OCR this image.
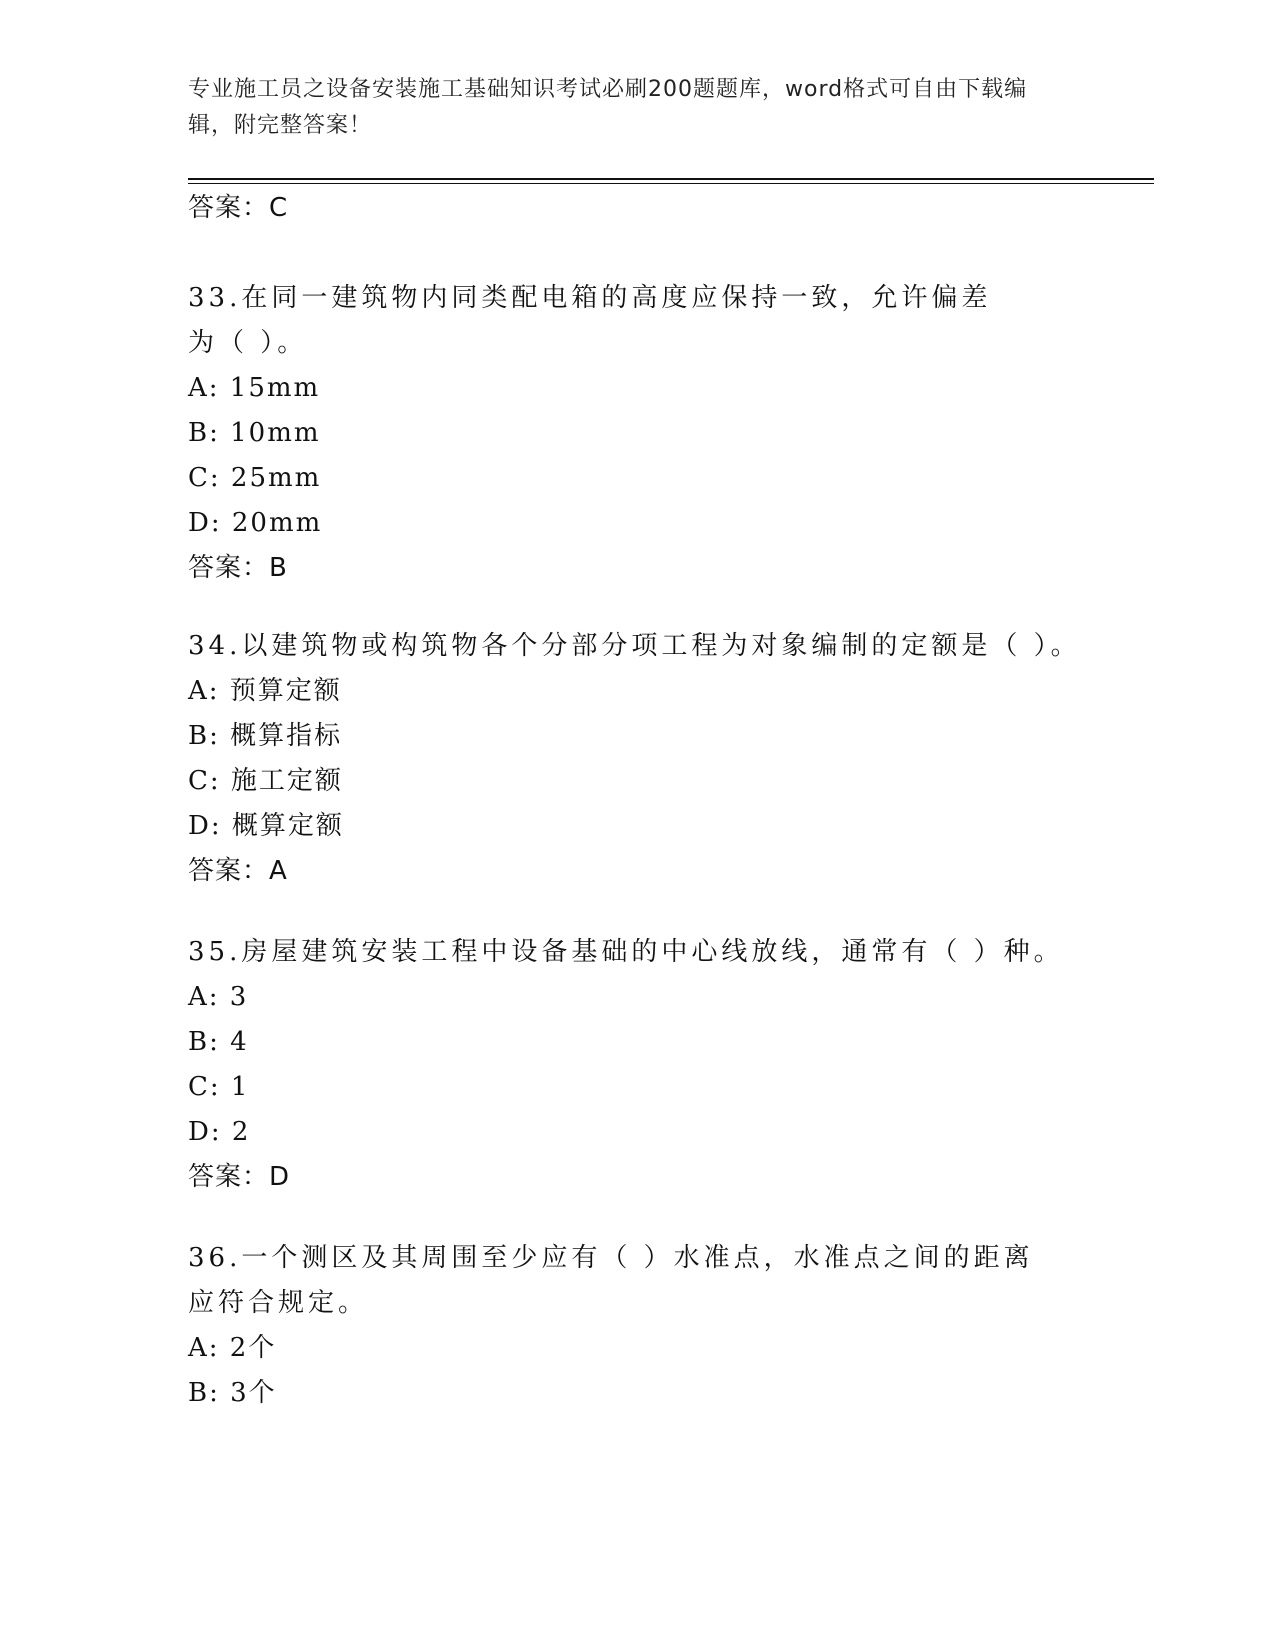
专业施工员之设备安装施工基础知识考试必刷200题题库，word格式可自由下载编辑，附完整答案！
答案：C

33.在同一建筑物内同类配电箱的高度应保持一致，允许偏差为（ ）。

A: 15mm
B: 10mm
C: 25mm
D: 20mm
答案：B

34.以建筑物或构筑物各个分部分项工程为对象编制的定额是（ ）。

A: 预算定额
B: 概算指标
C: 施工定额
D: 概算定额
答案：A

35.房屋建筑安装工程中设备基础的中心线放线，通常有（ ）种。

A: 3
B: 4
C: 1
D: 2
答案：D

36.一个测区及其周围至少应有（ ）水准点，水准点之间的距离应符合规定。

A: 2个
B: 3个
